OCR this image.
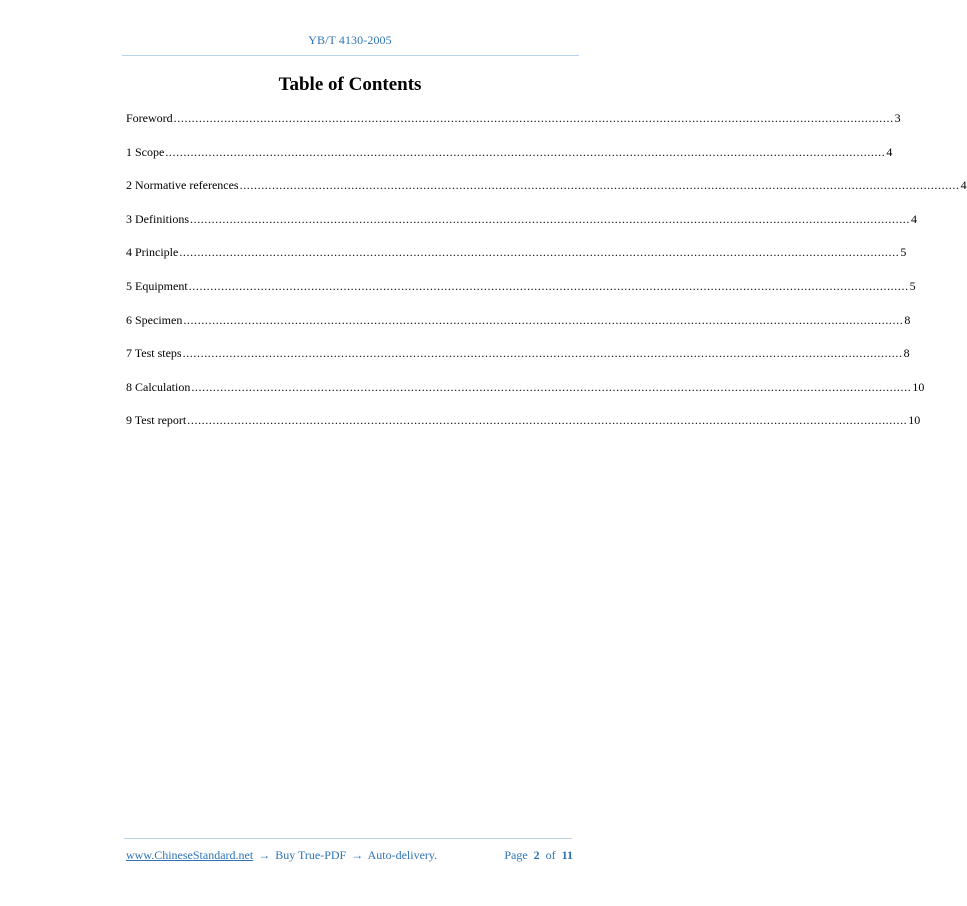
YB/T 4130-2005
Table of Contents
Foreword ........................................................................................................................................................................................................ 3
1 Scope ........................................................................................................................................................................................................ 4
2 Normative references ........................................................................................................................................................................................................ 4
3 Definitions ........................................................................................................................................................................................................ 4
4 Principle ........................................................................................................................................................................................................ 5
5 Equipment ........................................................................................................................................................................................................ 5
6 Specimen ........................................................................................................................................................................................................ 8
7 Test steps ........................................................................................................................................................................................................ 8
8 Calculation ........................................................................................................................................................................................................ 10
9 Test report ........................................................................................................................................................................................................ 10
www.ChineseStandard.net → Buy True-PDF → Auto-delivery.	Page 2 of 11
